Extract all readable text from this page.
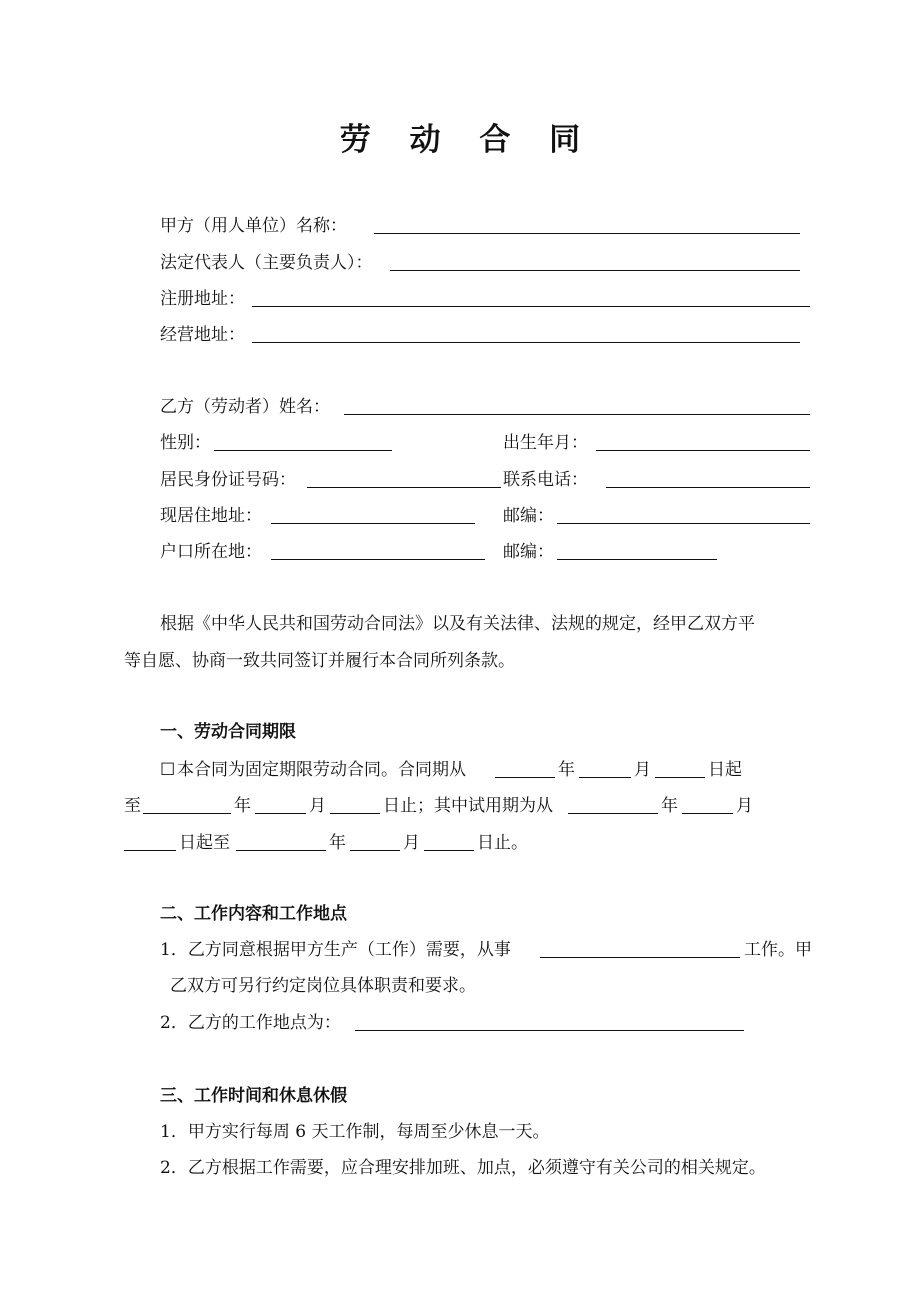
劳 动 合 同
甲方（用人单位）名称：
法定代表人（主要负责人）：
注册地址：
经营地址：
乙方（劳动者）姓名：
性别：	出生年月：
居民身份证号码：	联系电话：
现居住地址：	邮编：
户口所在地：	邮编：
根据《中华人民共和国劳动合同法》以及有关法律、法规的规定，经甲乙双方平
等自愿、协商一致共同签订并履行本合同所列条款。
一、劳动合同期限
☐ 本合同为固定期限劳动合同。合同期从	年	月	日起
至	年	月	日止；其中试用期为从	年	月
日起至	年	月	日止。
二、工作内容和工作地点
1．乙方同意根据甲方生产（工作）需要，从事	工作。甲
乙双方可另行约定岗位具体职责和要求。
2．乙方的工作地点为：
三、工作时间和休息休假
1．甲方实行每周 6 天工作制，每周至少休息一天。
2．乙方根据工作需要，应合理安排加班、加点，必须遵守有关公司的相关规定。
